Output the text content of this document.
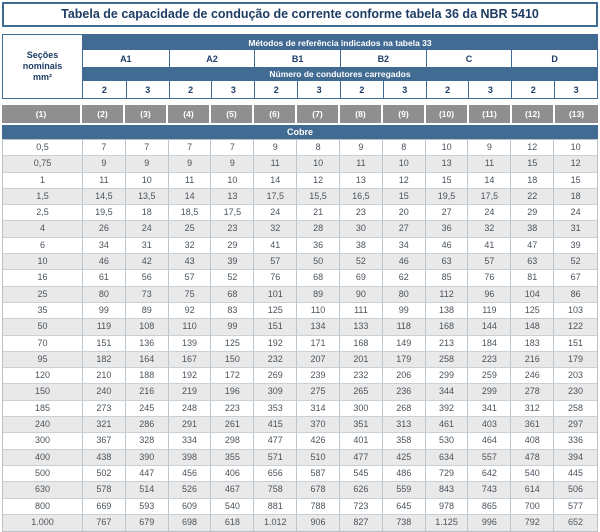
Tabela de capacidade de condução de corrente conforme tabela 36 da NBR 5410
Seções
nominais
mm²
Métodos de referência indicados na tabela 33
Número de condutores carregados
A1	A2	B1	B2	C	D
2	3	2	3	2	3	2	3	2	3	2	3
(1)	(2)	(3)	(4)	(5)	(6)	(7)	(8)	(9)	(10)	(11)	(12)	(13)
Cobre
0,5	7	7	7	7	9	8	9	8	10	9	12	10
0,75	9	9	9	9	11	10	11	10	13	11	15	12
1	11	10	11	10	14	12	13	12	15	14	18	15
1,5	14,5	13,5	14	13	17,5	15,5	16,5	15	19,5	17,5	22	18
2,5	19,5	18	18,5	17,5	24	21	23	20	27	24	29	24
4	26	24	25	23	32	28	30	27	36	32	38	31
6	34	31	32	29	41	36	38	34	46	41	47	39
10	46	42	43	39	57	50	52	46	63	57	63	52
16	61	56	57	52	76	68	69	62	85	76	81	67
25	80	73	75	68	101	89	90	80	112	96	104	86
35	99	89	92	83	125	110	111	99	138	119	125	103
50	119	108	110	99	151	134	133	118	168	144	148	122
70	151	136	139	125	192	171	168	149	213	184	183	151
95	182	164	167	150	232	207	201	179	258	223	216	179
120	210	188	192	172	269	239	232	206	299	259	246	203
150	240	216	219	196	309	275	265	236	344	299	278	230
185	273	245	248	223	353	314	300	268	392	341	312	258
240	321	286	291	261	415	370	351	313	461	403	361	297
300	367	328	334	298	477	426	401	358	530	464	408	336
400	438	390	398	355	571	510	477	425	634	557	478	394
500	502	447	456	406	656	587	545	486	729	642	540	445
630	578	514	526	467	758	678	626	559	843	743	614	506
800	669	593	609	540	881	788	723	645	978	865	700	577
1.000	767	679	698	618	1.012	906	827	738	1.125	996	792	652
